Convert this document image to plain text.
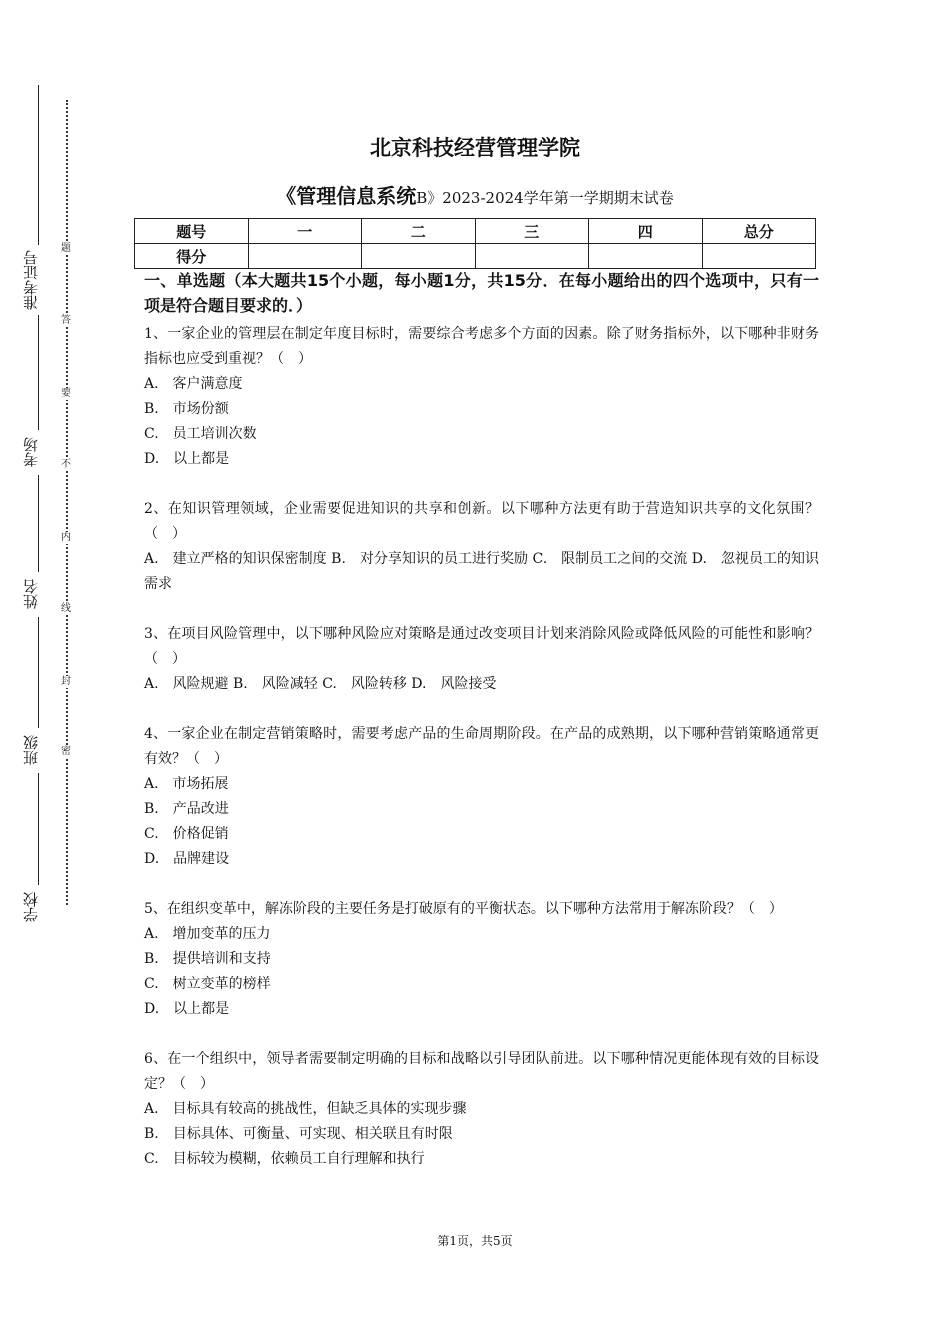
准考证号
考场
姓名
班级
学校
题
答
要
不
内
线
封
密
北京科技经营管理学院
《管理信息系统B》2023-2024学年第一学期期末试卷
题号	一	二	三	四	总分
得分					

一、单选题（本大题共15个小题，每小题1分，共15分．在每小题给出的四个选项中，只有一项是符合题目要求的．）

1、一家企业的管理层在制定年度目标时，需要综合考虑多个方面的因素。除了财务指标外，以下哪种非财务指标也应受到重视？（　）

A.　客户满意度

B.　市场份额

C.　员工培训次数

D.　以上都是

2、在知识管理领域，企业需要促进知识的共享和创新。以下哪种方法更有助于营造知识共享的文化氛围？（　）

A.　建立严格的知识保密制度 B.　对分享知识的员工进行奖励 C.　限制员工之间的交流 D.　忽视员工的知识需求

3、在项目风险管理中，以下哪种风险应对策略是通过改变项目计划来消除风险或降低风险的可能性和影响？（　）

A.　风险规避 B.　风险减轻 C.　风险转移 D.　风险接受

4、一家企业在制定营销策略时，需要考虑产品的生命周期阶段。在产品的成熟期，以下哪种营销策略通常更有效？（　）

A.　市场拓展

B.　产品改进

C.　价格促销

D.　品牌建设

5、在组织变革中，解冻阶段的主要任务是打破原有的平衡状态。以下哪种方法常用于解冻阶段？（　）

A.　增加变革的压力

B.　提供培训和支持

C.　树立变革的榜样

D.　以上都是

6、在一个组织中，领导者需要制定明确的目标和战略以引导团队前进。以下哪种情况更能体现有效的目标设定？（　）

A.　目标具有较高的挑战性，但缺乏具体的实现步骤

B.　目标具体、可衡量、可实现、相关联且有时限

C.　目标较为模糊，依赖员工自行理解和执行

第1页，共5页
